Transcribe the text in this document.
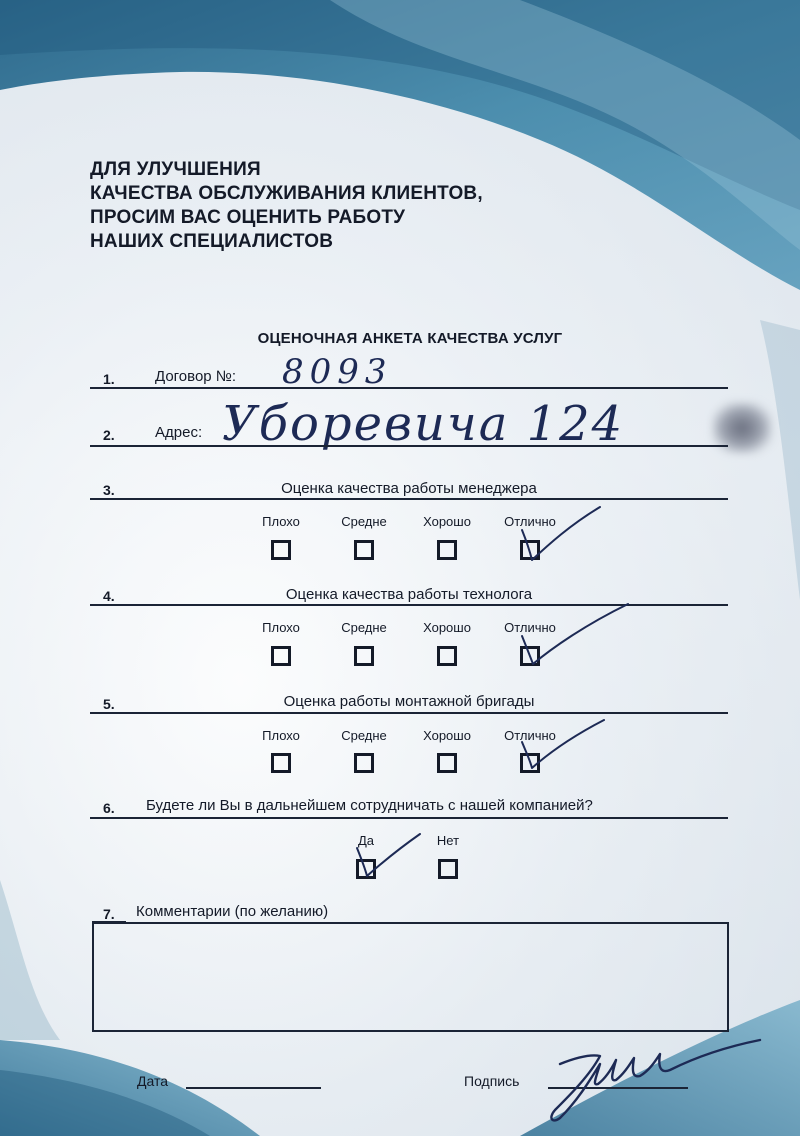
ДЛЯ УЛУЧШЕНИЯ
КАЧЕСТВА ОБСЛУЖИВАНИЯ КЛИЕНТОВ,
ПРОСИМ ВАС ОЦЕНИТЬ РАБОТУ
НАШИХ СПЕЦИАЛИСТОВ
ОЦЕНОЧНАЯ АНКЕТА КАЧЕСТВА УСЛУГ
1.	Договор №: 8093
2.	Адрес: Уборевича 124
3.	Оценка качества работы менеджера
Плохо	Средне	Хорошо	Отлично
4.	Оценка качества работы технолога
Плохо	Средне	Хорошо	Отлично
5.	Оценка работы монтажной бригады
Плохо	Средне	Хорошо	Отлично
6. Будете ли Вы в дальнейшем сотрудничать с нашей компанией?
Да	Нет
7. Комментарии (по желанию)
Дата	Подпись
